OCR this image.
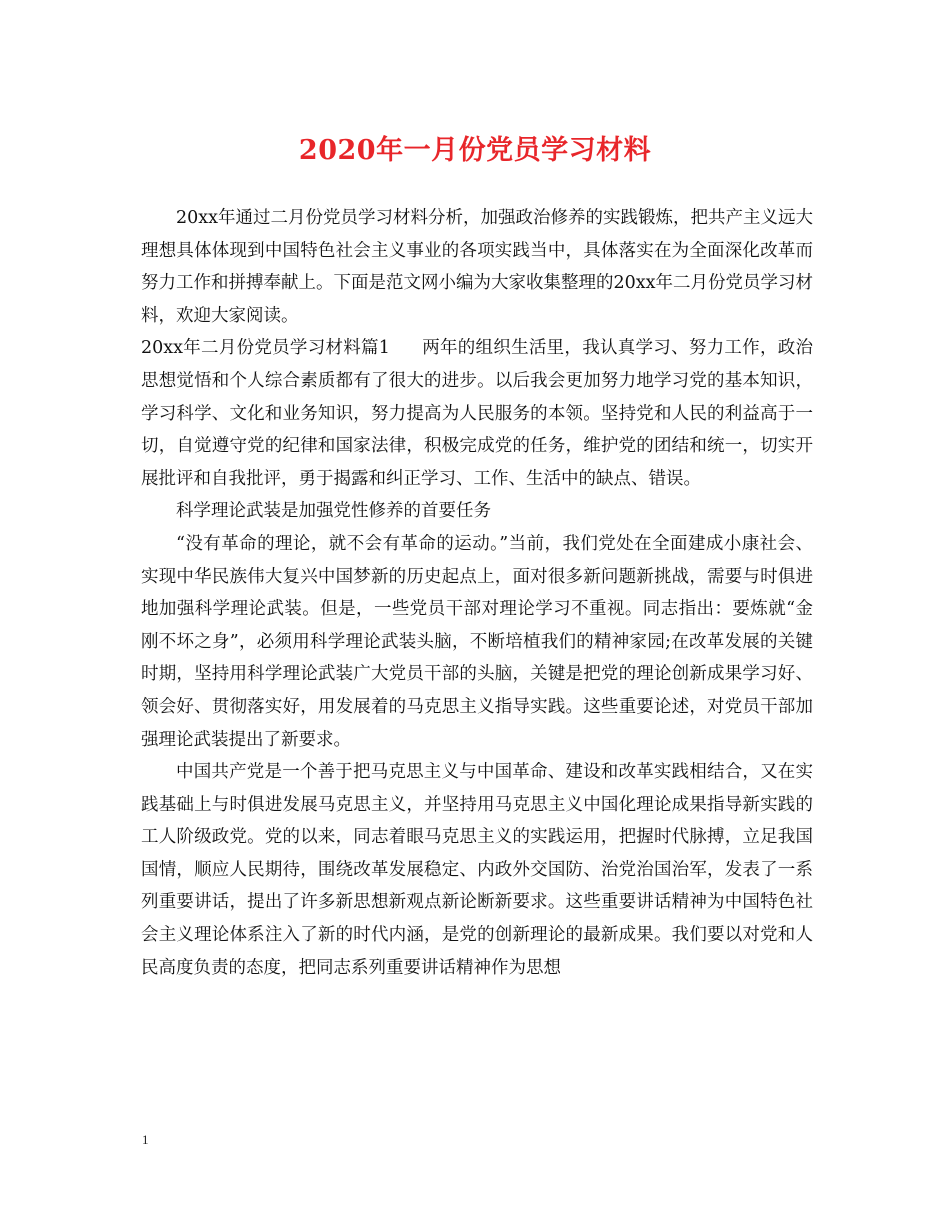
2020年一月份党员学习材料

20xx年通过二月份党员学习材料分析，加强政治修养的实践锻炼，把共产主义远大理想具体体现到中国特色社会主义事业的各项实践当中，具体落实在为全面深化改革而努力工作和拼搏奉献上。下面是范文网小编为大家收集整理的20xx年二月份党员学习材料，欢迎大家阅读。

20xx年二月份党员学习材料篇1 两年的组织生活里，我认真学习、努力工作，政治思想觉悟和个人综合素质都有了很大的进步。以后我会更加努力地学习党的基本知识，学习科学、文化和业务知识，努力提高为人民服务的本领。坚持党和人民的利益高于一切，自觉遵守党的纪律和国家法律，积极完成党的任务，维护党的团结和统一，切实开展批评和自我批评，勇于揭露和纠正学习、工作、生活中的缺点、错误。

科学理论武装是加强党性修养的首要任务

“没有革命的理论，就不会有革命的运动。”当前，我们党处在全面建成小康社会、实现中华民族伟大复兴中国梦新的历史起点上，面对很多新问题新挑战，需要与时俱进地加强科学理论武装。但是，一些党员干部对理论学习不重视。同志指出：要炼就“金刚不坏之身”，必须用科学理论武装头脑，不断培植我们的精神家园;在改革发展的关键时期，坚持用科学理论武装广大党员干部的头脑，关键是把党的理论创新成果学习好、领会好、贯彻落实好，用发展着的马克思主义指导实践。这些重要论述，对党员干部加强理论武装提出了新要求。

中国共产党是一个善于把马克思主义与中国革命、建设和改革实践相结合，又在实践基础上与时俱进发展马克思主义，并坚持用马克思主义中国化理论成果指导新实践的工人阶级政党。党的以来，同志着眼马克思主义的实践运用，把握时代脉搏，立足我国国情，顺应人民期待，围绕改革发展稳定、内政外交国防、治党治国治军，发表了一系列重要讲话，提出了许多新思想新观点新论断新要求。这些重要讲话精神为中国特色社会主义理论体系注入了新的时代内涵，是党的创新理论的最新成果。我们要以对党和人民高度负责的态度，把同志系列重要讲话精神作为思想

1
